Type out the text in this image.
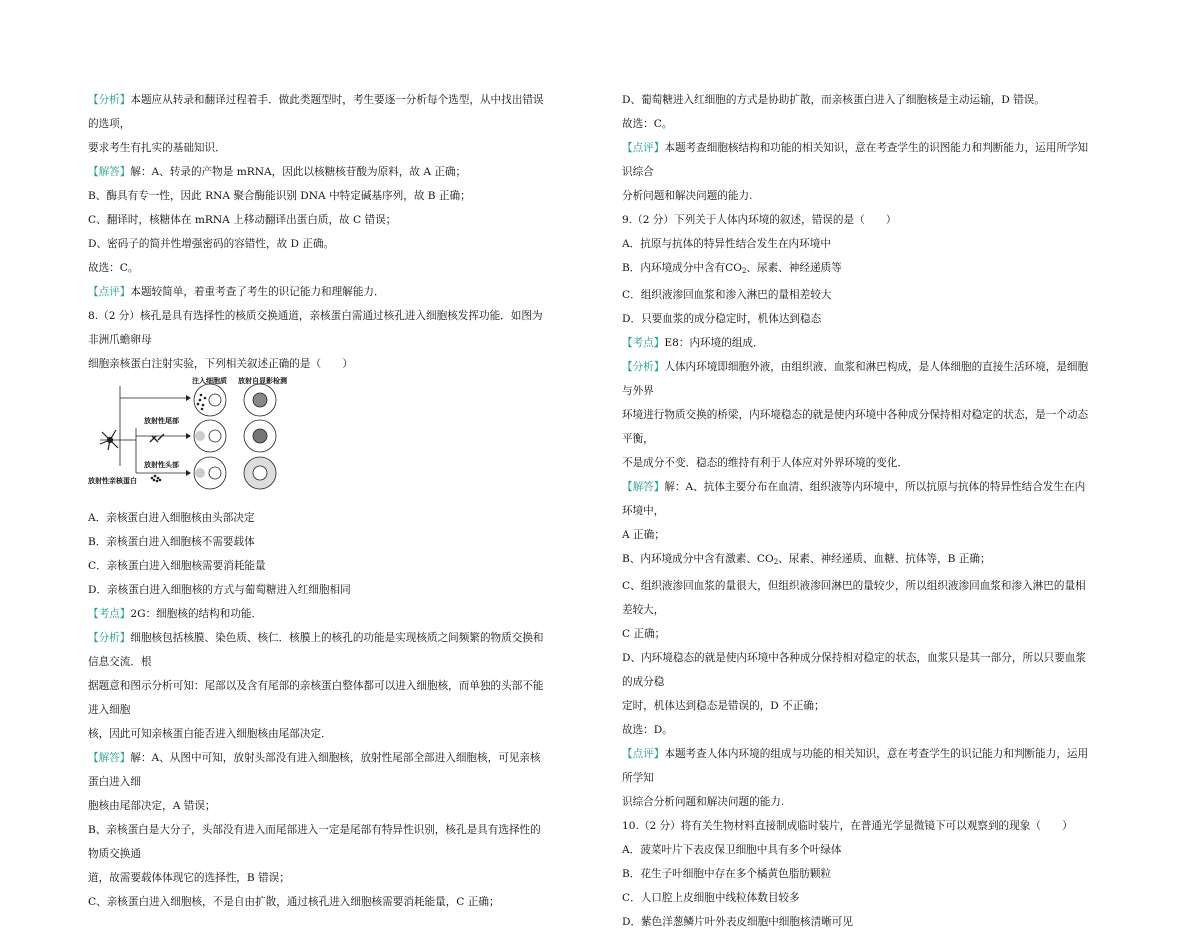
【分析】本题应从转录和翻译过程着手．做此类题型时，考生要逐一分析每个选型，从中找出错误的选项，

要求考生有扎实的基础知识．

【解答】解：A、转录的产物是 mRNA，因此以核糖核苷酸为原料，故 A 正确；

B、酶具有专一性，因此 RNA 聚合酶能识别 DNA 中特定碱基序列，故 B 正确；

C、翻译时，核糖体在 mRNA 上移动翻译出蛋白质，故 C 错误；

D、密码子的简并性增强密码的容错性，故 D 正确。

故选：C。

【点评】本题较简单，着重考查了考生的识记能力和理解能力．

8.（2 分）核孔是具有选择性的核质交换通道，亲核蛋白需通过核孔进入细胞核发挥功能．如图为非洲爪蟾卵母

细胞亲核蛋白注射实验，下列相关叙述正确的是（　　）

注入细胞质 放射自显影检测
放射性尾部
放射性头部
放射性亲核蛋白

A．亲核蛋白进入细胞核由头部决定

B．亲核蛋白进入细胞核不需要载体

C．亲核蛋白进入细胞核需要消耗能量

D．亲核蛋白进入细胞核的方式与葡萄糖进入红细胞相同

【考点】2G：细胞核的结构和功能．

【分析】细胞核包括核膜、染色质、核仁．核膜上的核孔的功能是实现核质之间频繁的物质交换和信息交流．根

据题意和图示分析可知：尾部以及含有尾部的亲核蛋白整体都可以进入细胞核，而单独的头部不能进入细胞

核，因此可知亲核蛋白能否进入细胞核由尾部决定．

【解答】解：A、从图中可知，放射头部没有进入细胞核，放射性尾部全部进入细胞核，可见亲核蛋白进入细

胞核由尾部决定，A 错误；

B、亲核蛋白是大分子，头部没有进入而尾部进入一定是尾部有特异性识别，核孔是具有选择性的物质交换通

道，故需要载体体现它的选择性，B 错误；

C、亲核蛋白进入细胞核，不是自由扩散，通过核孔进入细胞核需要消耗能量，C 正确；

D、葡萄糖进入红细胞的方式是协助扩散，而亲核蛋白进入了细胞核是主动运输，D 错误。

故选：C。

【点评】本题考查细胞核结构和功能的相关知识，意在考查学生的识图能力和判断能力，运用所学知识综合

分析问题和解决问题的能力.

9.（2 分）下列关于人体内环境的叙述，错误的是（　　）

A．抗原与抗体的特异性结合发生在内环境中

B．内环境成分中含有$CO_2$、尿素、神经递质等

C．组织液渗回血浆和渗入淋巴的量相差较大

D．只要血浆的成分稳定时，机体达到稳态

【考点】E8：内环境的组成．

【分析】人体内环境即细胞外液，由组织液、血浆和淋巴构成，是人体细胞的直接生活环境，是细胞与外界

环境进行物质交换的桥梁，内环境稳态的就是使内环境中各种成分保持相对稳定的状态，是一个动态平衡，

不是成分不变．稳态的维持有利于人体应对外界环境的变化．

【解答】解：A、抗体主要分布在血清、组织液等内环境中，所以抗原与抗体的特异性结合发生在内环境中，

A 正确；

B、内环境成分中含有激素、$CO_2$、尿素、神经递质、血糖、抗体等，B 正确；

C、组织液渗回血浆的量很大，但组织液渗回淋巴的量较少，所以组织液渗回血浆和渗入淋巴的量相差较大，

C 正确；

D、内环境稳态的就是使内环境中各种成分保持相对稳定的状态，血浆只是其一部分，所以只要血浆的成分稳

定时，机体达到稳态是错误的，D 不正确；

故选：D。

【点评】本题考查人体内环境的组成与功能的相关知识，意在考查学生的识记能力和判断能力，运用所学知

识综合分析问题和解决问题的能力.

10.（2 分）将有关生物材料直接制成临时装片，在普通光学显微镜下可以观察到的现象（　　）

A．菠菜叶片下表皮保卫细胞中具有多个叶绿体

B．花生子叶细胞中存在多个橘黄色脂肪颗粒

C．人口腔上皮细胞中线粒体数目较多

D．紫色洋葱鳞片叶外表皮细胞中细胞核清晰可见
